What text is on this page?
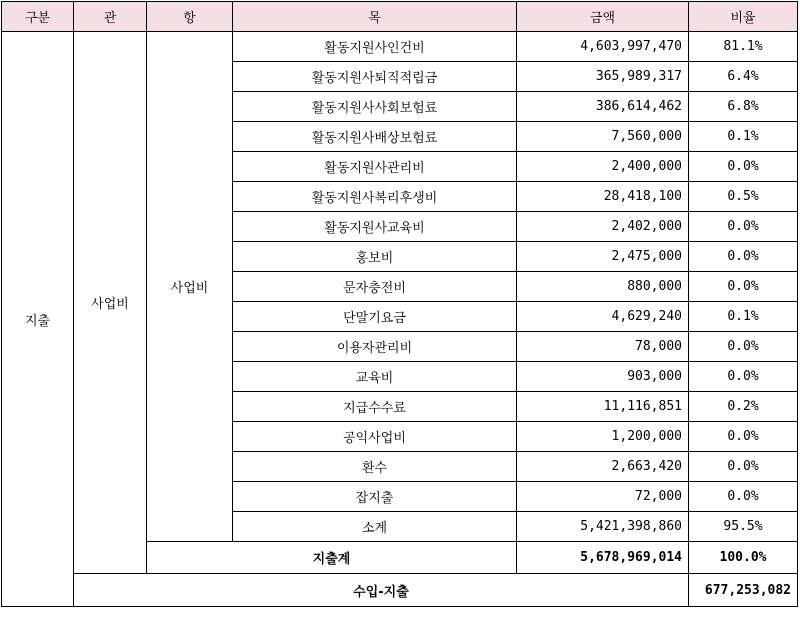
구분	관	항	목	금액	비율	
지출	사업비	사업비	활동지원사인건비	4,603,997,470	81.1%	
			활동지원사퇴직적립금	365,989,317	6.4%	
			활동지원사사회보험료	386,614,462	6.8%	
			활동지원사배상보험료	7,560,000	0.1%	
			활동지원사관리비	2,400,000	0.0%	
			활동지원사복리후생비	28,418,100	0.5%	
			활동지원사교육비	2,402,000	0.0%	
			홍보비	2,475,000	0.0%	
			문자충전비	880,000	0.0%	
			단말기요금	4,629,240	0.1%	
			이용자관리비	78,000	0.0%	
			교육비	903,000	0.0%	
			지급수수료	11,116,851	0.2%	
			공익사업비	1,200,000	0.0%	
			환수	2,663,420	0.0%	
			잡지출	72,000	0.0%	
			소계	5,421,398,860	95.5%	
		지출계		5,678,969,014	100.0%	
	수입-지출				677,253,082	
